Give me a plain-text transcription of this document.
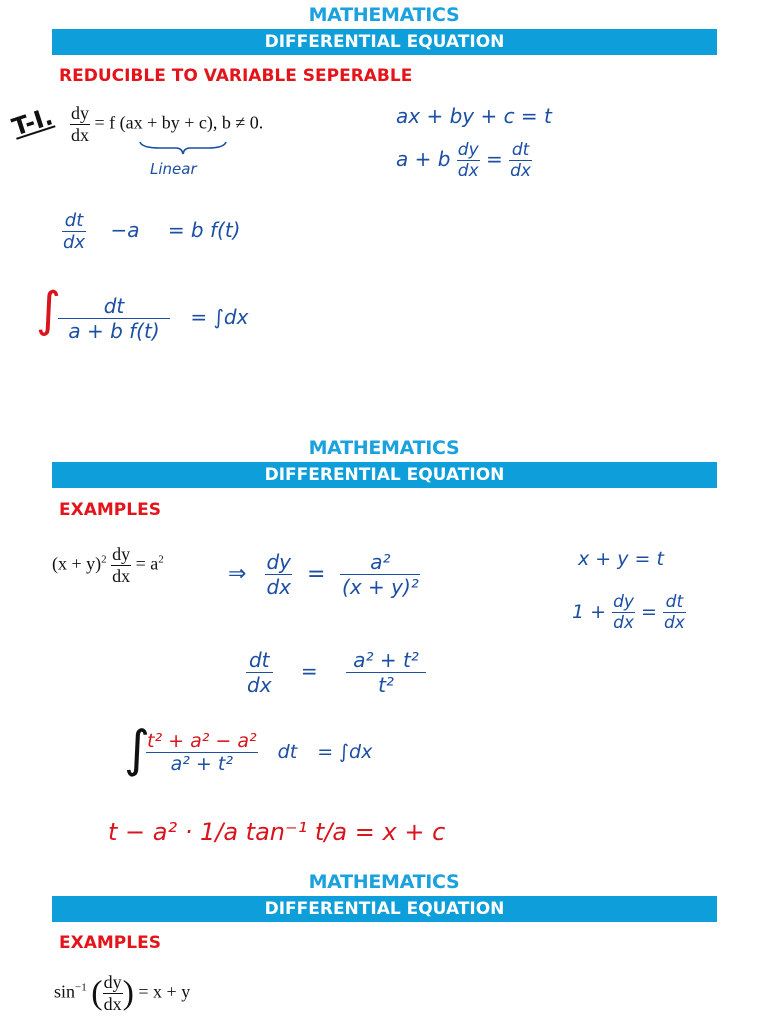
MATHEMATICS
DIFFERENTIAL EQUATION
REDUCIBLE TO VARIABLE SEPERABLE
T-I. $\frac{dy}{dx} = f$ (ax + by + c), b ≠ 0.
Linear
ax + by + c = t
a + b $\frac{dy}{dx} = \frac{dt}{dx}$
$\frac{dt}{dx} -a = b$ f(t)
∫
$\frac{dt}{\text{a + b f(t)}} = \int dx$
MATHEMATICS
DIFFERENTIAL EQUATION
EXAMPLES
$(x + y)^2 \frac{dy}{dx} = a^2$
⇒ $\frac{dy}{dx} = \frac{\text{a²}}{\text{(x + y)²}}$	x + y = t
$1 + \frac{dy}{dx} = \frac{dt}{dx}$
$\frac{dt}{dx} = \frac{\text{a² + t²}}{\text{t²}}$
∫
$\frac{\text{t² + a² − a²}}{\text{a² + t²}}$ dt = ∫dx
t − a² · 1/a tan⁻¹ t/a = x + c
MATHEMATICS
DIFFERENTIAL EQUATION
EXAMPLES
$\sin^{-1}$ ( $\frac{dy}{dx}$ ) = x + y
